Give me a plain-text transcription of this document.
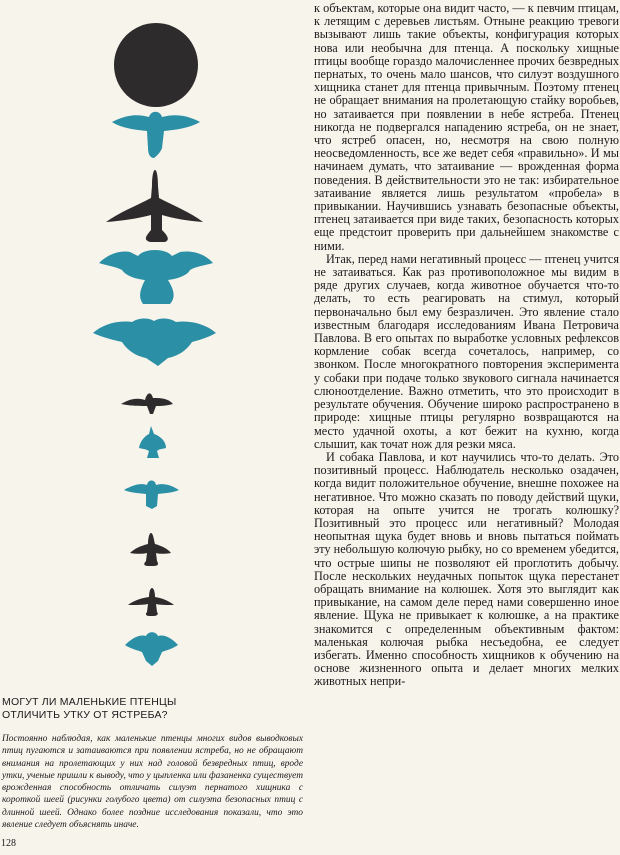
МОГУТ ЛИ МАЛЕНЬКИЕ ПТЕНЦЫ
ОТЛИЧИТЬ УТКУ ОТ ЯСТРЕБА?

Постоянно наблюдая, как маленькие птенцы многих видов выводковых птиц пугаются и затаиваются при появлении ястреба, но не обращают внимания на пролетающих у них над головой безвредных птиц, вроде утки, ученые пришли к выводу, что у цыпленка или фазаненка существует врожденная способность отличать силуэт пернатого хищника с короткой шеей (рисунки голубого цвета) от силуэта безопасных птиц с длинной шеей. Однако более поздние исследования показали, что это явление следует объяснять иначе.

128

к объектам, которые она видит часто, — к певчим птицам, к летящим с деревьев листьям. Отныне реакцию тревоги вызывают лишь такие объекты, конфигурация которых нова или необычна для птенца. А поскольку хищные птицы вообще гораздо малочисленнее прочих безвредных пернатых, то очень мало шансов, что силуэт воздушного хищника станет для птенца привычным. Поэтому птенец не обращает внимания на пролетающую стайку воробьев, но затаивается при появлении в небе ястреба. Птенец никогда не подвергался нападению ястреба, он не знает, что ястреб опасен, но, несмотря на свою полную неосведомленность, все же ведет себя «правильно». И мы начинаем думать, что затаивание — врожденная форма поведения. В действительности это не так: избирательное затаивание является лишь результатом «пробела» в привыкании. Научившись узнавать безопасные объекты, птенец затаивается при виде таких, безопасность которых еще предстоит проверить при дальнейшем знакомстве с ними.

Итак, перед нами негативный процесс — птенец учится не затаиваться. Как раз противоположное мы видим в ряде других случаев, когда животное обучается что-то делать, то есть реагировать на стимул, который первоначально был ему безразличен. Это явление стало известным благодаря исследованиям Ивана Петровича Павлова. В его опытах по выработке условных рефлексов кормление собак всегда сочеталось, например, со звонком. После многократного повторения эксперимента у собаки при подаче только звукового сигнала начинается слюноотделение. Важно отметить, что это происходит в результате обучения. Обучение широко распространено в природе: хищные птицы регулярно возвращаются на место удачной охоты, а кот бежит на кухню, когда слышит, как точат нож для резки мяса.

И собака Павлова, и кот научились что-то делать. Это позитивный процесс. Наблюдатель несколько озадачен, когда видит положительное обучение, внешне похожее на негативное. Что можно сказать по поводу действий щуки, которая на опыте учится не трогать колюшку? Позитивный это процесс или негативный? Молодая неопытная щука будет вновь и вновь пытаться поймать эту небольшую колючую рыбку, но со временем убедится, что острые шипы не позволяют ей проглотить добычу. После нескольких неудачных попыток щука перестанет обращать внимание на колюшек. Хотя это выглядит как привыкание, на самом деле перед нами совершенно иное явление. Щука не привыкает к колюшке, а на практике знакомится с определенным объективным фактом: маленькая колючая рыбка несъедобна, ее следует избегать. Именно способность хищников к обучению на основе жизненного опыта и делает многих мелких животных непри-
